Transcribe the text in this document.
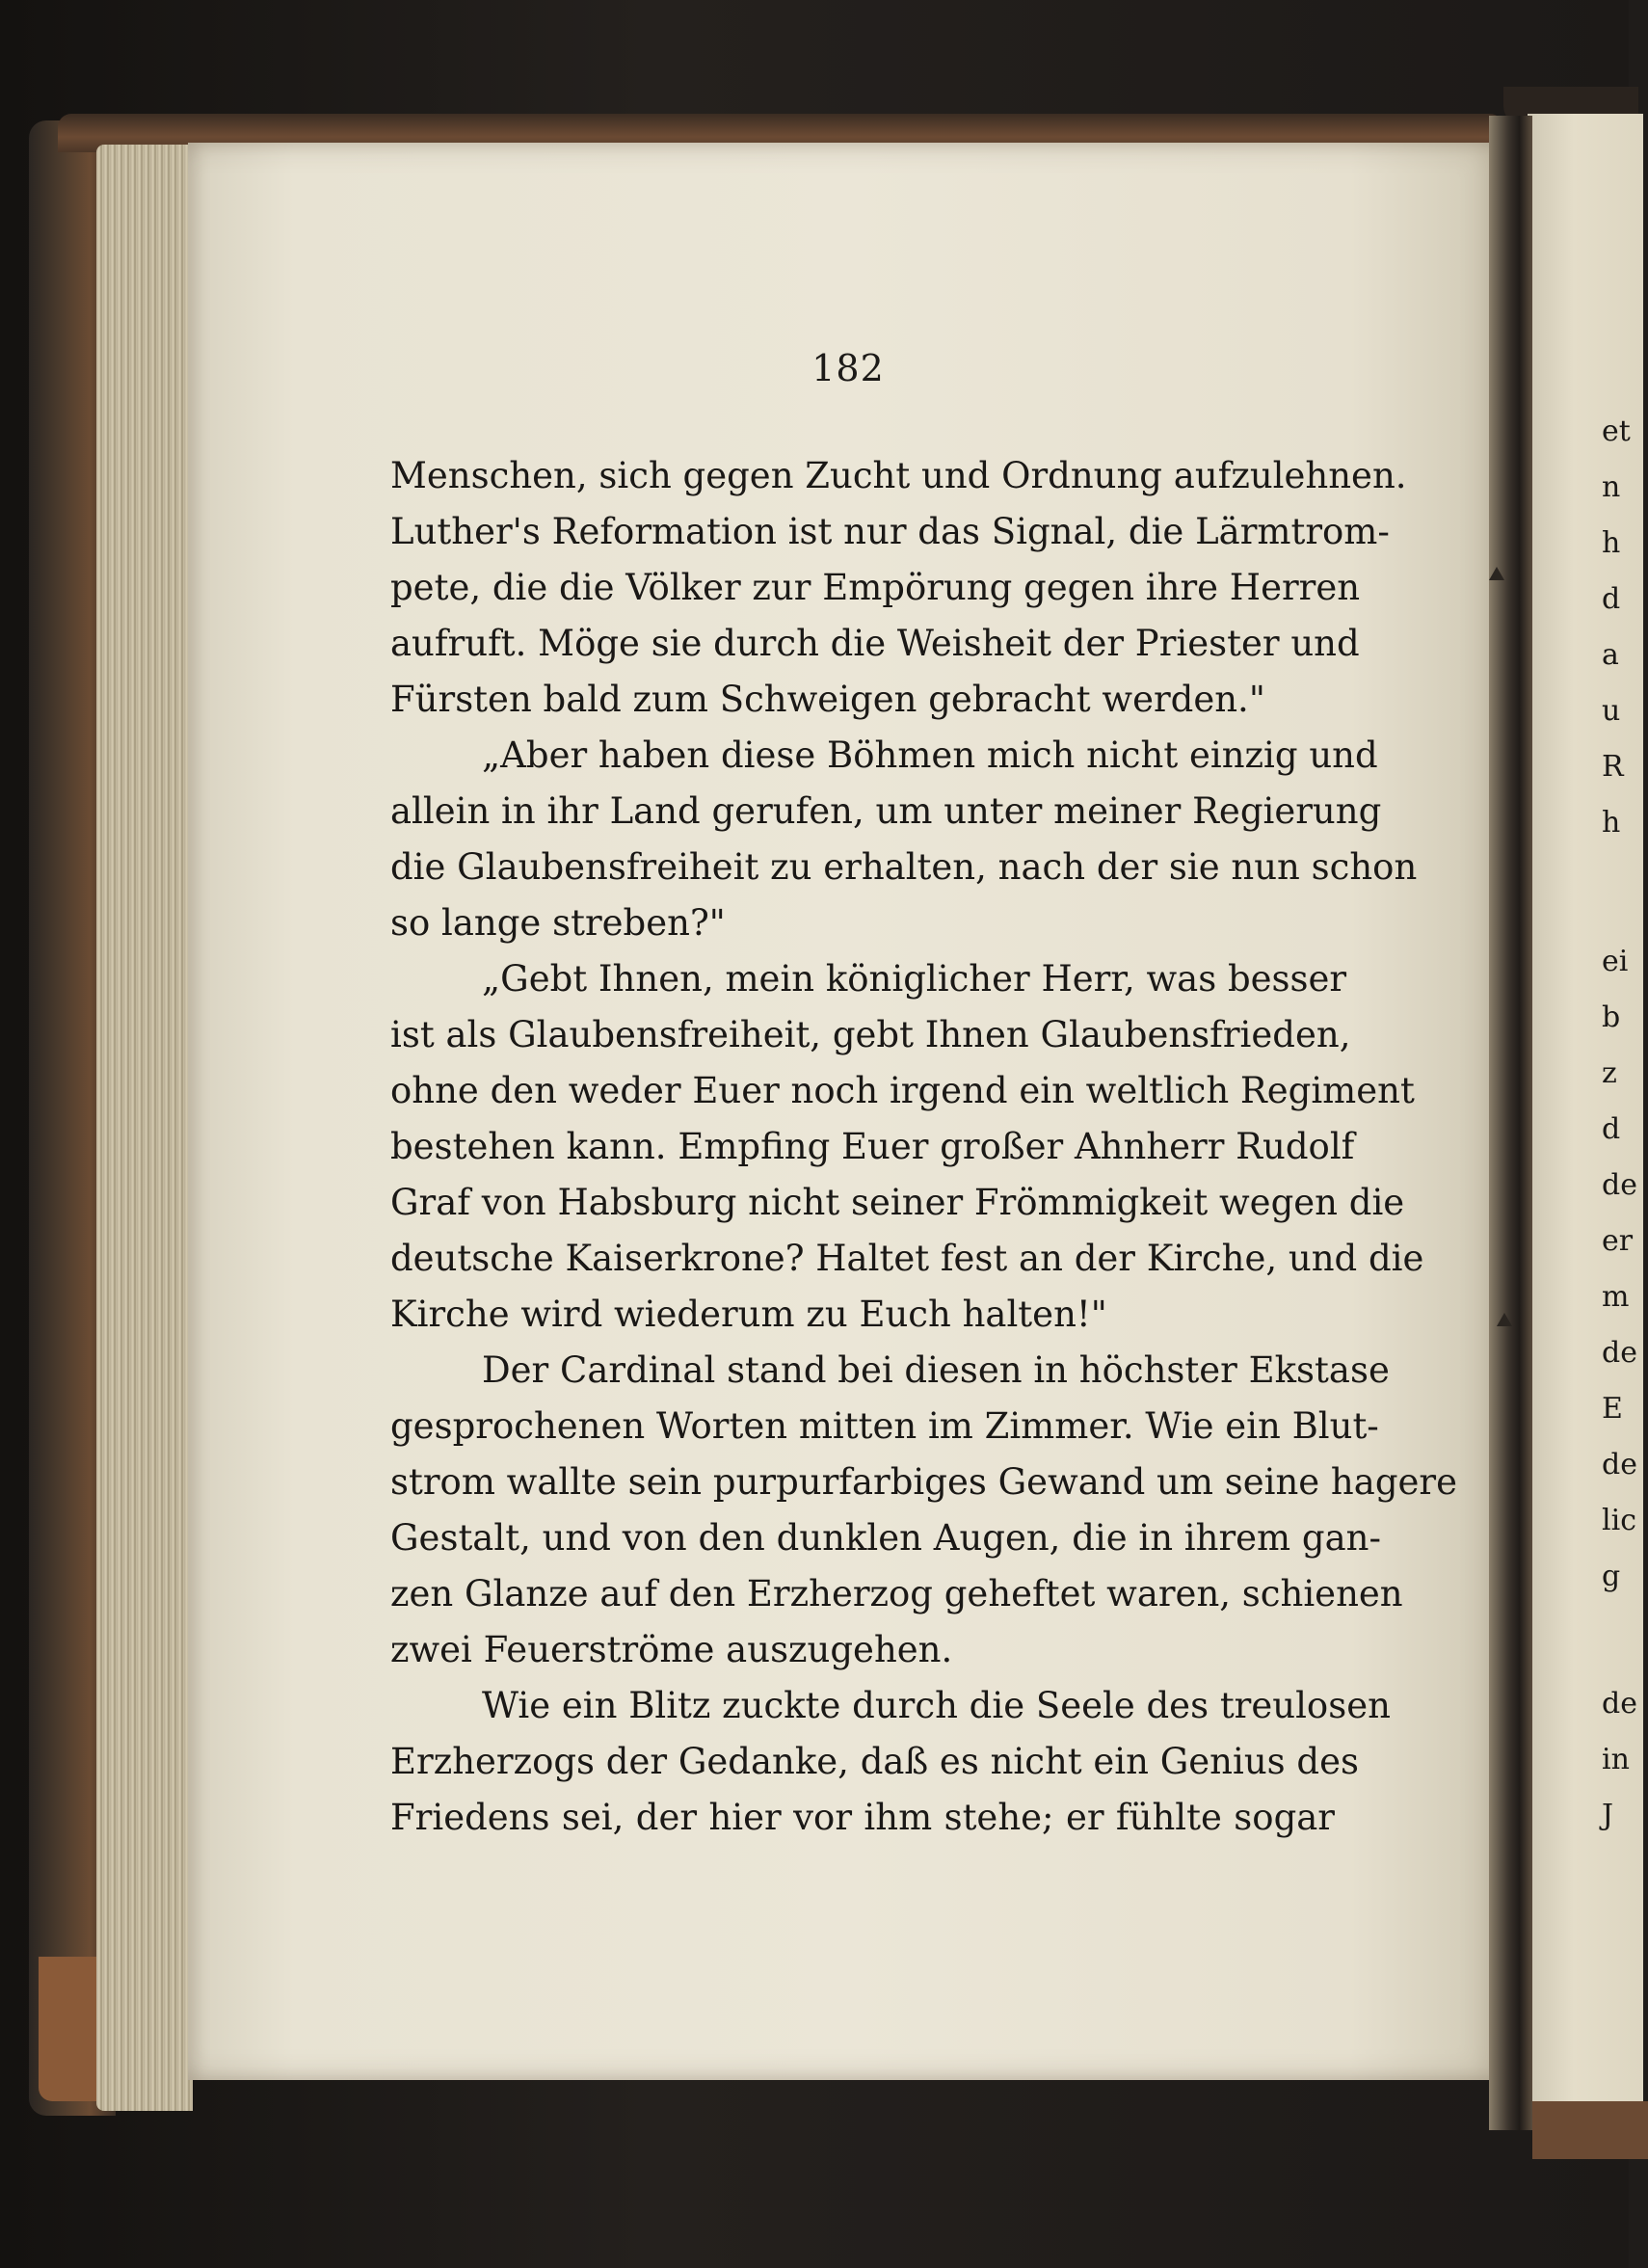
182
Menschen, sich gegen Zucht und Ordnung aufzulehnen.
Luther's Reformation ist nur das Signal, die Lärmtrom-
pete, die die Völker zur Empörung gegen ihre Herren
aufruft. Möge sie durch die Weisheit der Priester und
Fürsten bald zum Schweigen gebracht werden."
„Aber haben diese Böhmen mich nicht einzig und
allein in ihr Land gerufen, um unter meiner Regierung
die Glaubensfreiheit zu erhalten, nach der sie nun schon
so lange streben?"
„Gebt Ihnen, mein königlicher Herr, was besser
ist als Glaubensfreiheit, gebt Ihnen Glaubensfrieden,
ohne den weder Euer noch irgend ein weltlich Regiment
bestehen kann. Empfing Euer großer Ahnherr Rudolf
Graf von Habsburg nicht seiner Frömmigkeit wegen die
deutsche Kaiserkrone? Haltet fest an der Kirche, und die
Kirche wird wiederum zu Euch halten!"
Der Cardinal stand bei diesen in höchster Ekstase
gesprochenen Worten mitten im Zimmer. Wie ein Blut-
strom wallte sein purpurfarbiges Gewand um seine hagere
Gestalt, und von den dunklen Augen, die in ihrem gan-
zen Glanze auf den Erzherzog geheftet waren, schienen
zwei Feuerströme auszugehen.
Wie ein Blitz zuckte durch die Seele des treulosen
Erzherzogs der Gedanke, daß es nicht ein Genius des
Friedens sei, der hier vor ihm stehe; er fühlte sogar
et
n
h
d
a
u
R
h
ei
b
z
d
de
er
m
de
E
de
lic
g
de
in
J
